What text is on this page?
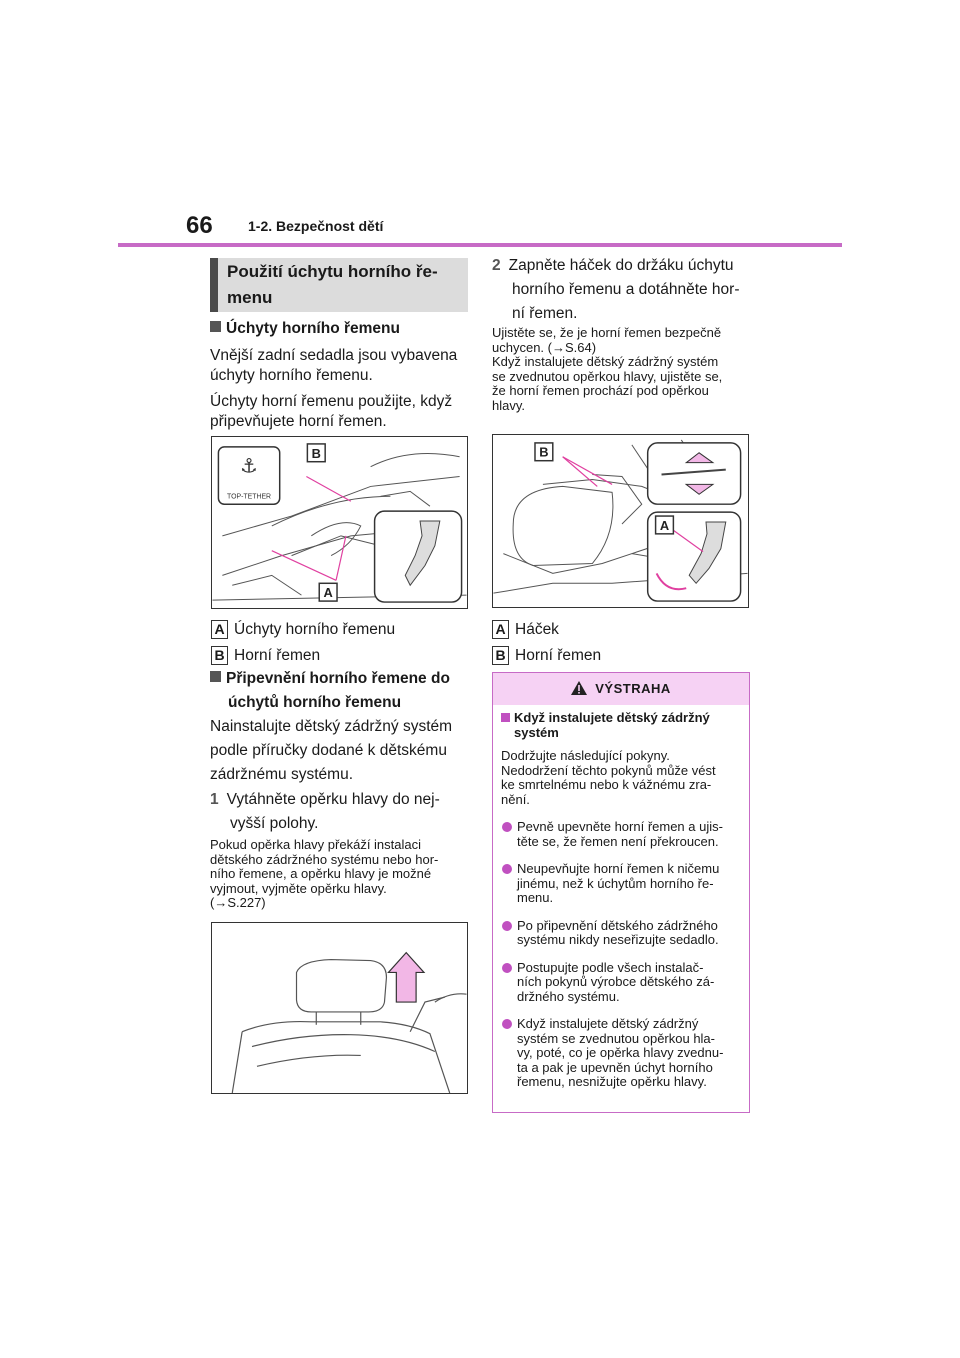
66	1-2. Bezpečnost dětí
Použití úchytu horního ře-
menu
Úchyty horního řemenu
Vnější zadní sedadla jsou vybavena
úchyty horního řemenu.
Úchyty horní řemenu použijte, když
připevňujete horní řemen.
⚓
TOP-TETHER
B
A
A Úchyty horního řemenu
B Horní řemen
Připevnění horního řemene do
úchytů horního řemenu
Nainstalujte dětský zádržný systém
podle příručky dodané k dětskému
zádržnému systému.
1 Vytáhněte opěrku hlavy do nej-
vyšší polohy.
Pokud opěrka hlavy překáží instalaci
dětského zádržného systému nebo hor-
ního řemene, a opěrku hlavy je možné
vyjmout, vyjměte opěrku hlavy.
(→S.227)
2 Zapněte háček do držáku úchytu
horního řemenu a dotáhněte hor-
ní řemen.
Ujistěte se, že je horní řemen bezpečně
uchycen. (→S.64)
Když instalujete dětský zádržný systém
se zvednutou opěrkou hlavy, ujistěte se,
že horní řemen prochází pod opěrkou
hlavy.
B
A
A Háček
B Horní řemen
VÝSTRAHA
Když instalujete dětský zádržný
systém
Dodržujte následující pokyny.
Nedodržení těchto pokynů může vést
ke smrtelnému nebo k vážnému zra-
nění.
Pevně upevněte horní řemen a ujis-
těte se, že řemen není překroucen.
Neupevňujte horní řemen k ničemu
jinému, než k úchytům horního ře-
menu.
Po připevnění dětského zádržného
systému nikdy neseřizujte sedadlo.
Postupujte podle všech instalač-
ních pokynů výrobce dětského zá-
držného systému.
Když instalujete dětský zádržný
systém se zvednutou opěrkou hla-
vy, poté, co je opěrka hlavy zvednu-
ta a pak je upevněn úchyt horního
řemenu, nesnižujte opěrku hlavy.
